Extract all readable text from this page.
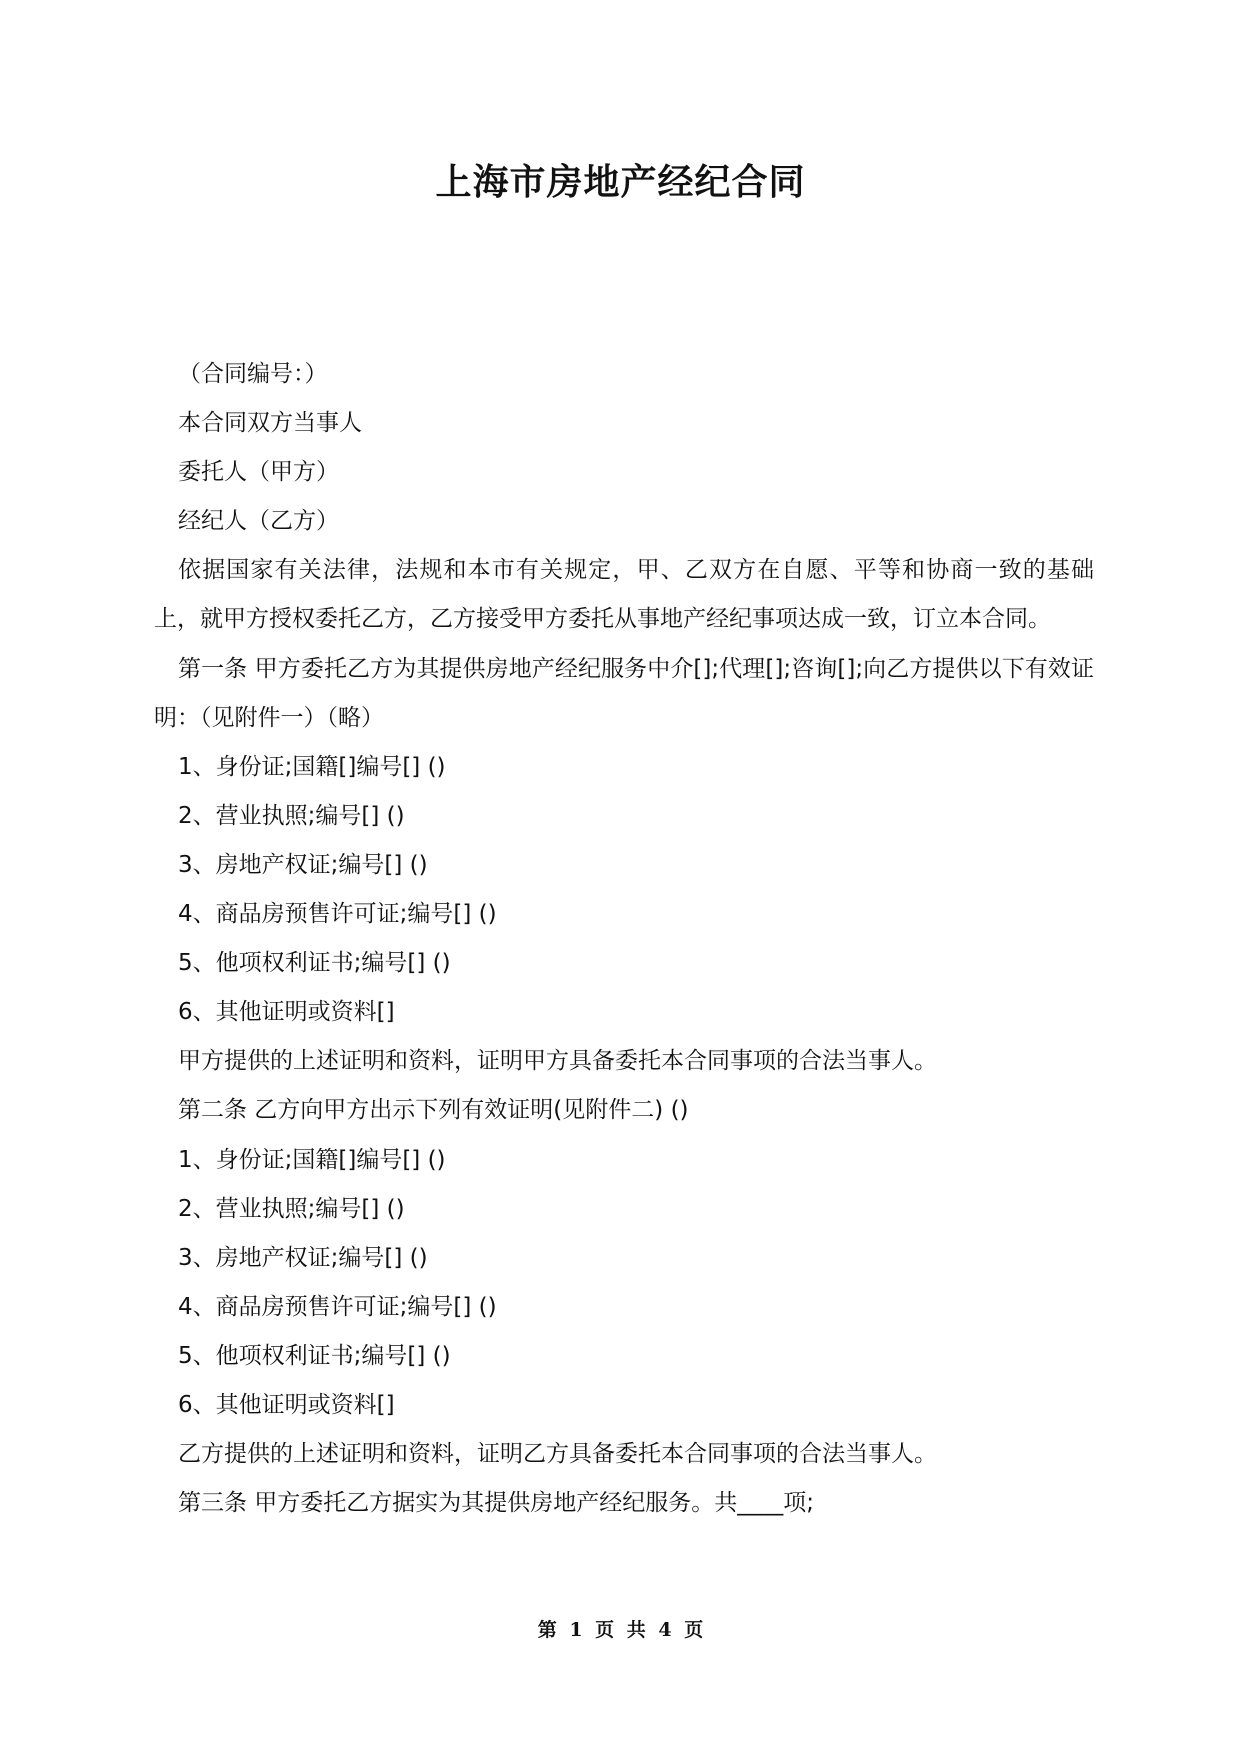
上海市房地产经纪合同

（合同编号：）

本合同双方当事人

委托人（甲方）

经纪人（乙方）

依据国家有关法律，法规和本市有关规定，甲、乙双方在自愿、平等和协商一致的基础上，就甲方授权委托乙方，乙方接受甲方委托从事地产经纪事项达成一致，订立本合同。

第一条 甲方委托乙方为其提供房地产经纪服务中介[];代理[];咨询[];向乙方提供以下有效证明：（见附件一）（略）

1、身份证;国籍[]编号[] ()

2、营业执照;编号[] ()

3、房地产权证;编号[] ()

4、商品房预售许可证;编号[] ()

5、他项权利证书;编号[] ()

6、其他证明或资料[]

甲方提供的上述证明和资料，证明甲方具备委托本合同事项的合法当事人。

第二条 乙方向甲方出示下列有效证明(见附件二) ()

1、身份证;国籍[]编号[] ()

2、营业执照;编号[] ()

3、房地产权证;编号[] ()

4、商品房预售许可证;编号[] ()

5、他项权利证书;编号[] ()

6、其他证明或资料[]

乙方提供的上述证明和资料，证明乙方具备委托本合同事项的合法当事人。

第三条 甲方委托乙方据实为其提供房地产经纪服务。共____项;

第 1 页 共 4 页
